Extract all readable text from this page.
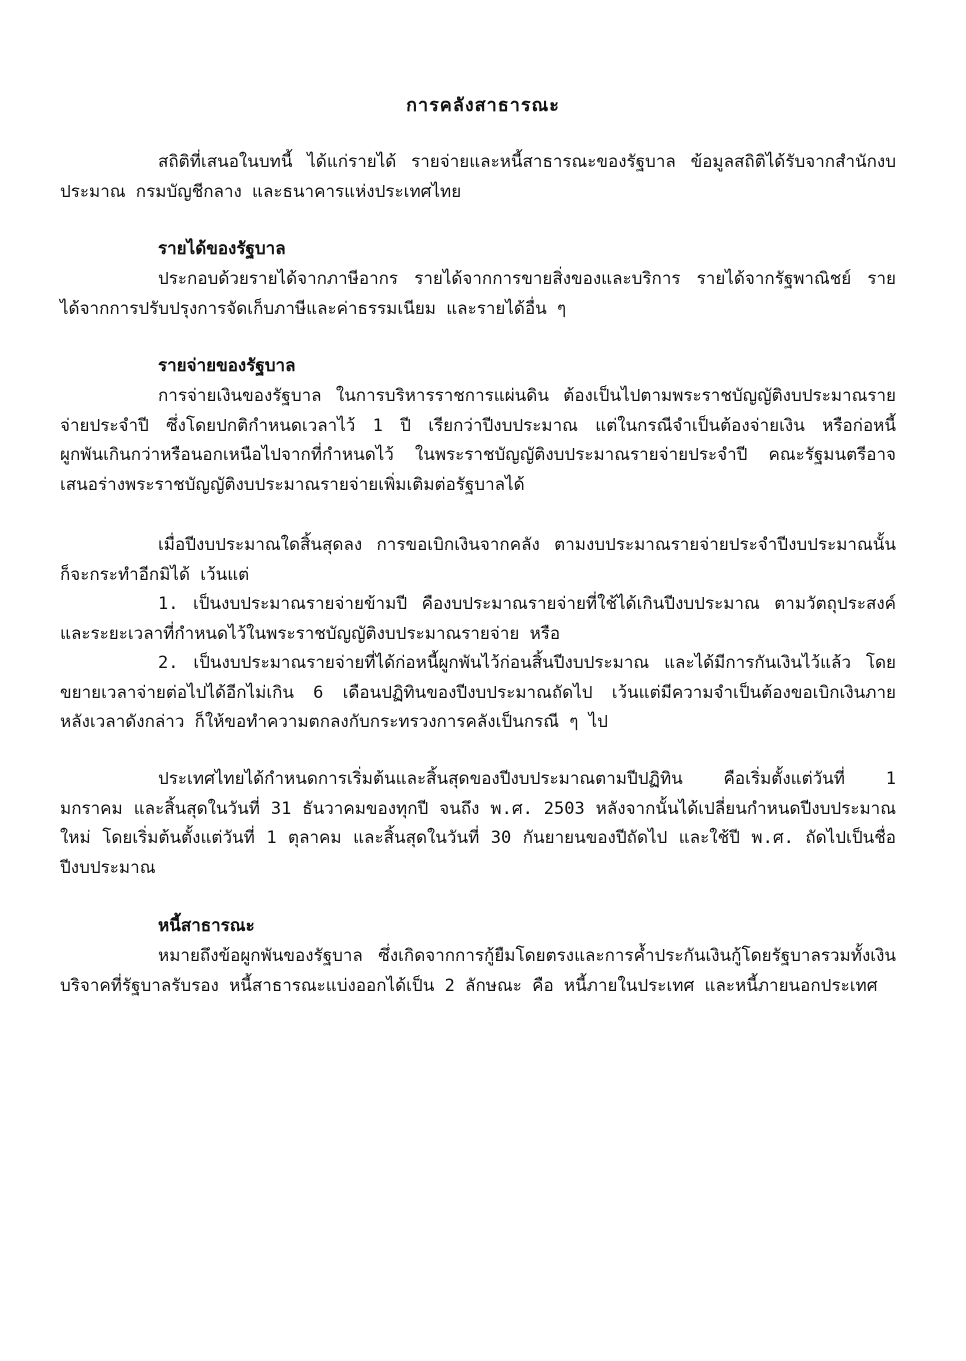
การคลังสาธารณะ

สถิติที่เสนอในบทนี้ ได้แก่รายได้ รายจ่ายและหนี้สาธารณะของรัฐบาล ข้อมูลสถิติได้รับจากสำนักงบประมาณ กรมบัญชีกลาง และธนาคารแห่งประเทศไทย

รายได้ของรัฐบาล

ประกอบด้วยรายได้จากภาษีอากร รายได้จากการขายสิ่งของและบริการ รายได้จากรัฐพาณิชย์ รายได้จากการปรับปรุงการจัดเก็บภาษีและค่าธรรมเนียม และรายได้อื่น ๆ

รายจ่ายของรัฐบาล

การจ่ายเงินของรัฐบาล ในการบริหารราชการแผ่นดิน ต้องเป็นไปตามพระราชบัญญัติงบประมาณรายจ่ายประจำปี ซึ่งโดยปกติกำหนดเวลาไว้ 1 ปี เรียกว่าปีงบประมาณ แต่ในกรณีจำเป็นต้องจ่ายเงิน หรือก่อหนี้ผูกพันเกินกว่าหรือนอกเหนือไปจากที่กำหนดไว้ ในพระราชบัญญัติงบประมาณรายจ่ายประจำปี คณะรัฐมนตรีอาจเสนอร่างพระราชบัญญัติงบประมาณรายจ่ายเพิ่มเติมต่อรัฐบาลได้

เมื่อปีงบประมาณใดสิ้นสุดลง การขอเบิกเงินจากคลัง ตามงบประมาณรายจ่ายประจำปีงบประมาณนั้นก็จะกระทำอีกมิได้ เว้นแต่

1. เป็นงบประมาณรายจ่ายข้ามปี คืองบประมาณรายจ่ายที่ใช้ได้เกินปีงบประมาณ ตามวัตถุประสงค์ และระยะเวลาที่กำหนดไว้ในพระราชบัญญัติงบประมาณรายจ่าย หรือ

2. เป็นงบประมาณรายจ่ายที่ได้ก่อหนี้ผูกพันไว้ก่อนสิ้นปีงบประมาณ และได้มีการกันเงินไว้แล้ว โดยขยายเวลาจ่ายต่อไปได้อีกไม่เกิน 6 เดือนปฏิทินของปีงบประมาณถัดไป เว้นแต่มีความจำเป็นต้องขอเบิกเงินภายหลังเวลาดังกล่าว ก็ให้ขอทำความตกลงกับกระทรวงการคลังเป็นกรณี ๆ ไป

ประเทศไทยได้กำหนดการเริ่มต้นและสิ้นสุดของปีงบประมาณตามปีปฏิทิน คือเริ่มตั้งแต่วันที่ 1 มกราคม และสิ้นสุดในวันที่ 31 ธันวาคมของทุกปี จนถึง พ.ศ. 2503 หลังจากนั้นได้เปลี่ยนกำหนดปีงบประมาณใหม่ โดยเริ่มต้นตั้งแต่วันที่ 1 ตุลาคม และสิ้นสุดในวันที่ 30 กันยายนของปีถัดไป และใช้ปี พ.ศ. ถัดไปเป็นชื่อปีงบประมาณ

หนี้สาธารณะ

หมายถึงข้อผูกพันของรัฐบาล ซึ่งเกิดจากการกู้ยืมโดยตรงและการค้ำประกันเงินกู้โดยรัฐบาลรวมทั้งเงินบริจาคที่รัฐบาลรับรอง หนี้สาธารณะแบ่งออกได้เป็น 2 ลักษณะ คือ หนี้ภายในประเทศ และหนี้ภายนอกประเทศ
